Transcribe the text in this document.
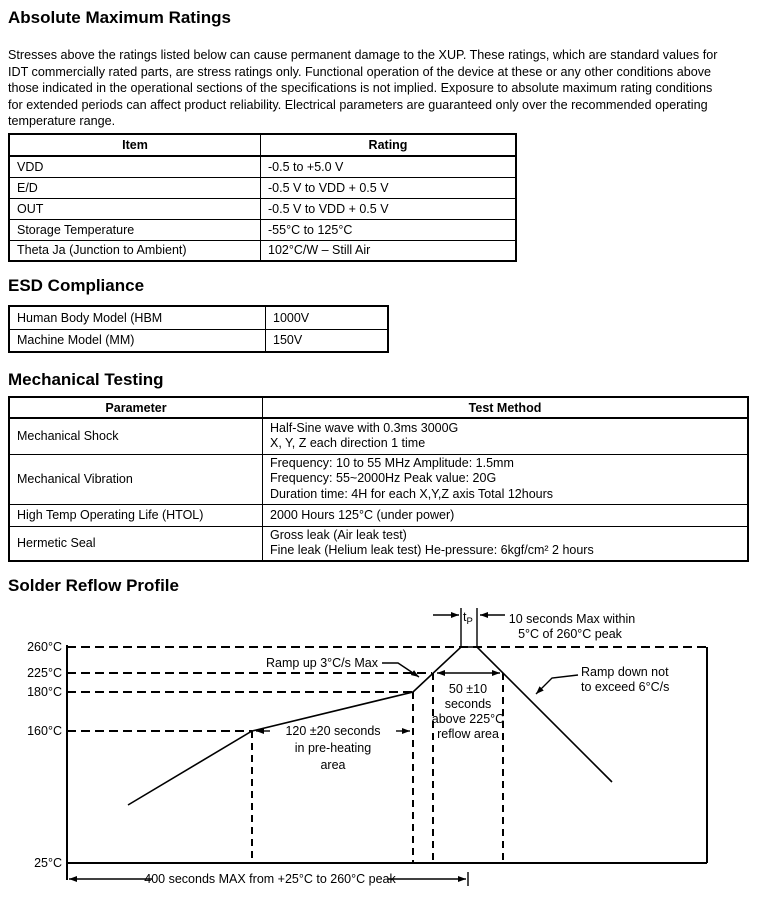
Absolute Maximum Ratings
Stresses above the ratings listed below can cause permanent damage to the XUP. These ratings, which are standard values for
IDT commercially rated parts, are stress ratings only. Functional operation of the device at these or any other conditions above
those indicated in the operational sections of the specifications is not implied. Exposure to absolute maximum rating conditions
for extended periods can affect product reliability. Electrical parameters are guaranteed only over the recommended operating
temperature range.
Item	Rating
VDD	-0.5 to +5.0 V
E/D	-0.5 V to VDD + 0.5 V
OUT	-0.5 V to VDD + 0.5 V
Storage Temperature	-55°C to 125°C
Theta Ja (Junction to Ambient)	102°C/W – Still Air
ESD Compliance
Human Body Model (HBM	1000V
Machine Model (MM)	150V
Mechanical Testing
Parameter	Test Method
Mechanical Shock	Half-Sine wave with 0.3ms 3000G
X, Y, Z each direction 1 time

Mechanical Vibration	Frequency: 10 to 55 MHz Amplitude: 1.5mm
Frequency: 55~2000Hz Peak value: 20G
Duration time: 4H for each X,Y,Z axis Total 12hours

High Temp Operating Life (HTOL)	2000 Hours 125°C (under power)
Hermetic Seal	Gross leak (Air leak test)
Fine leak (Helium leak test) He-pressure: 6kgf/cm² 2 hours
Solder Reflow Profile
260°C
225°C
180°C
160°C
25°C
Ramp up 3°C/s Max
$t_P$	10 seconds Max within
5°C of 260°C peak
50 ±10
seconds
above 225°C
reflow area
120 ±20 seconds
in pre-heating
area
Ramp down not
to exceed 6°C/s
400 seconds MAX from +25°C to 260°C peak
